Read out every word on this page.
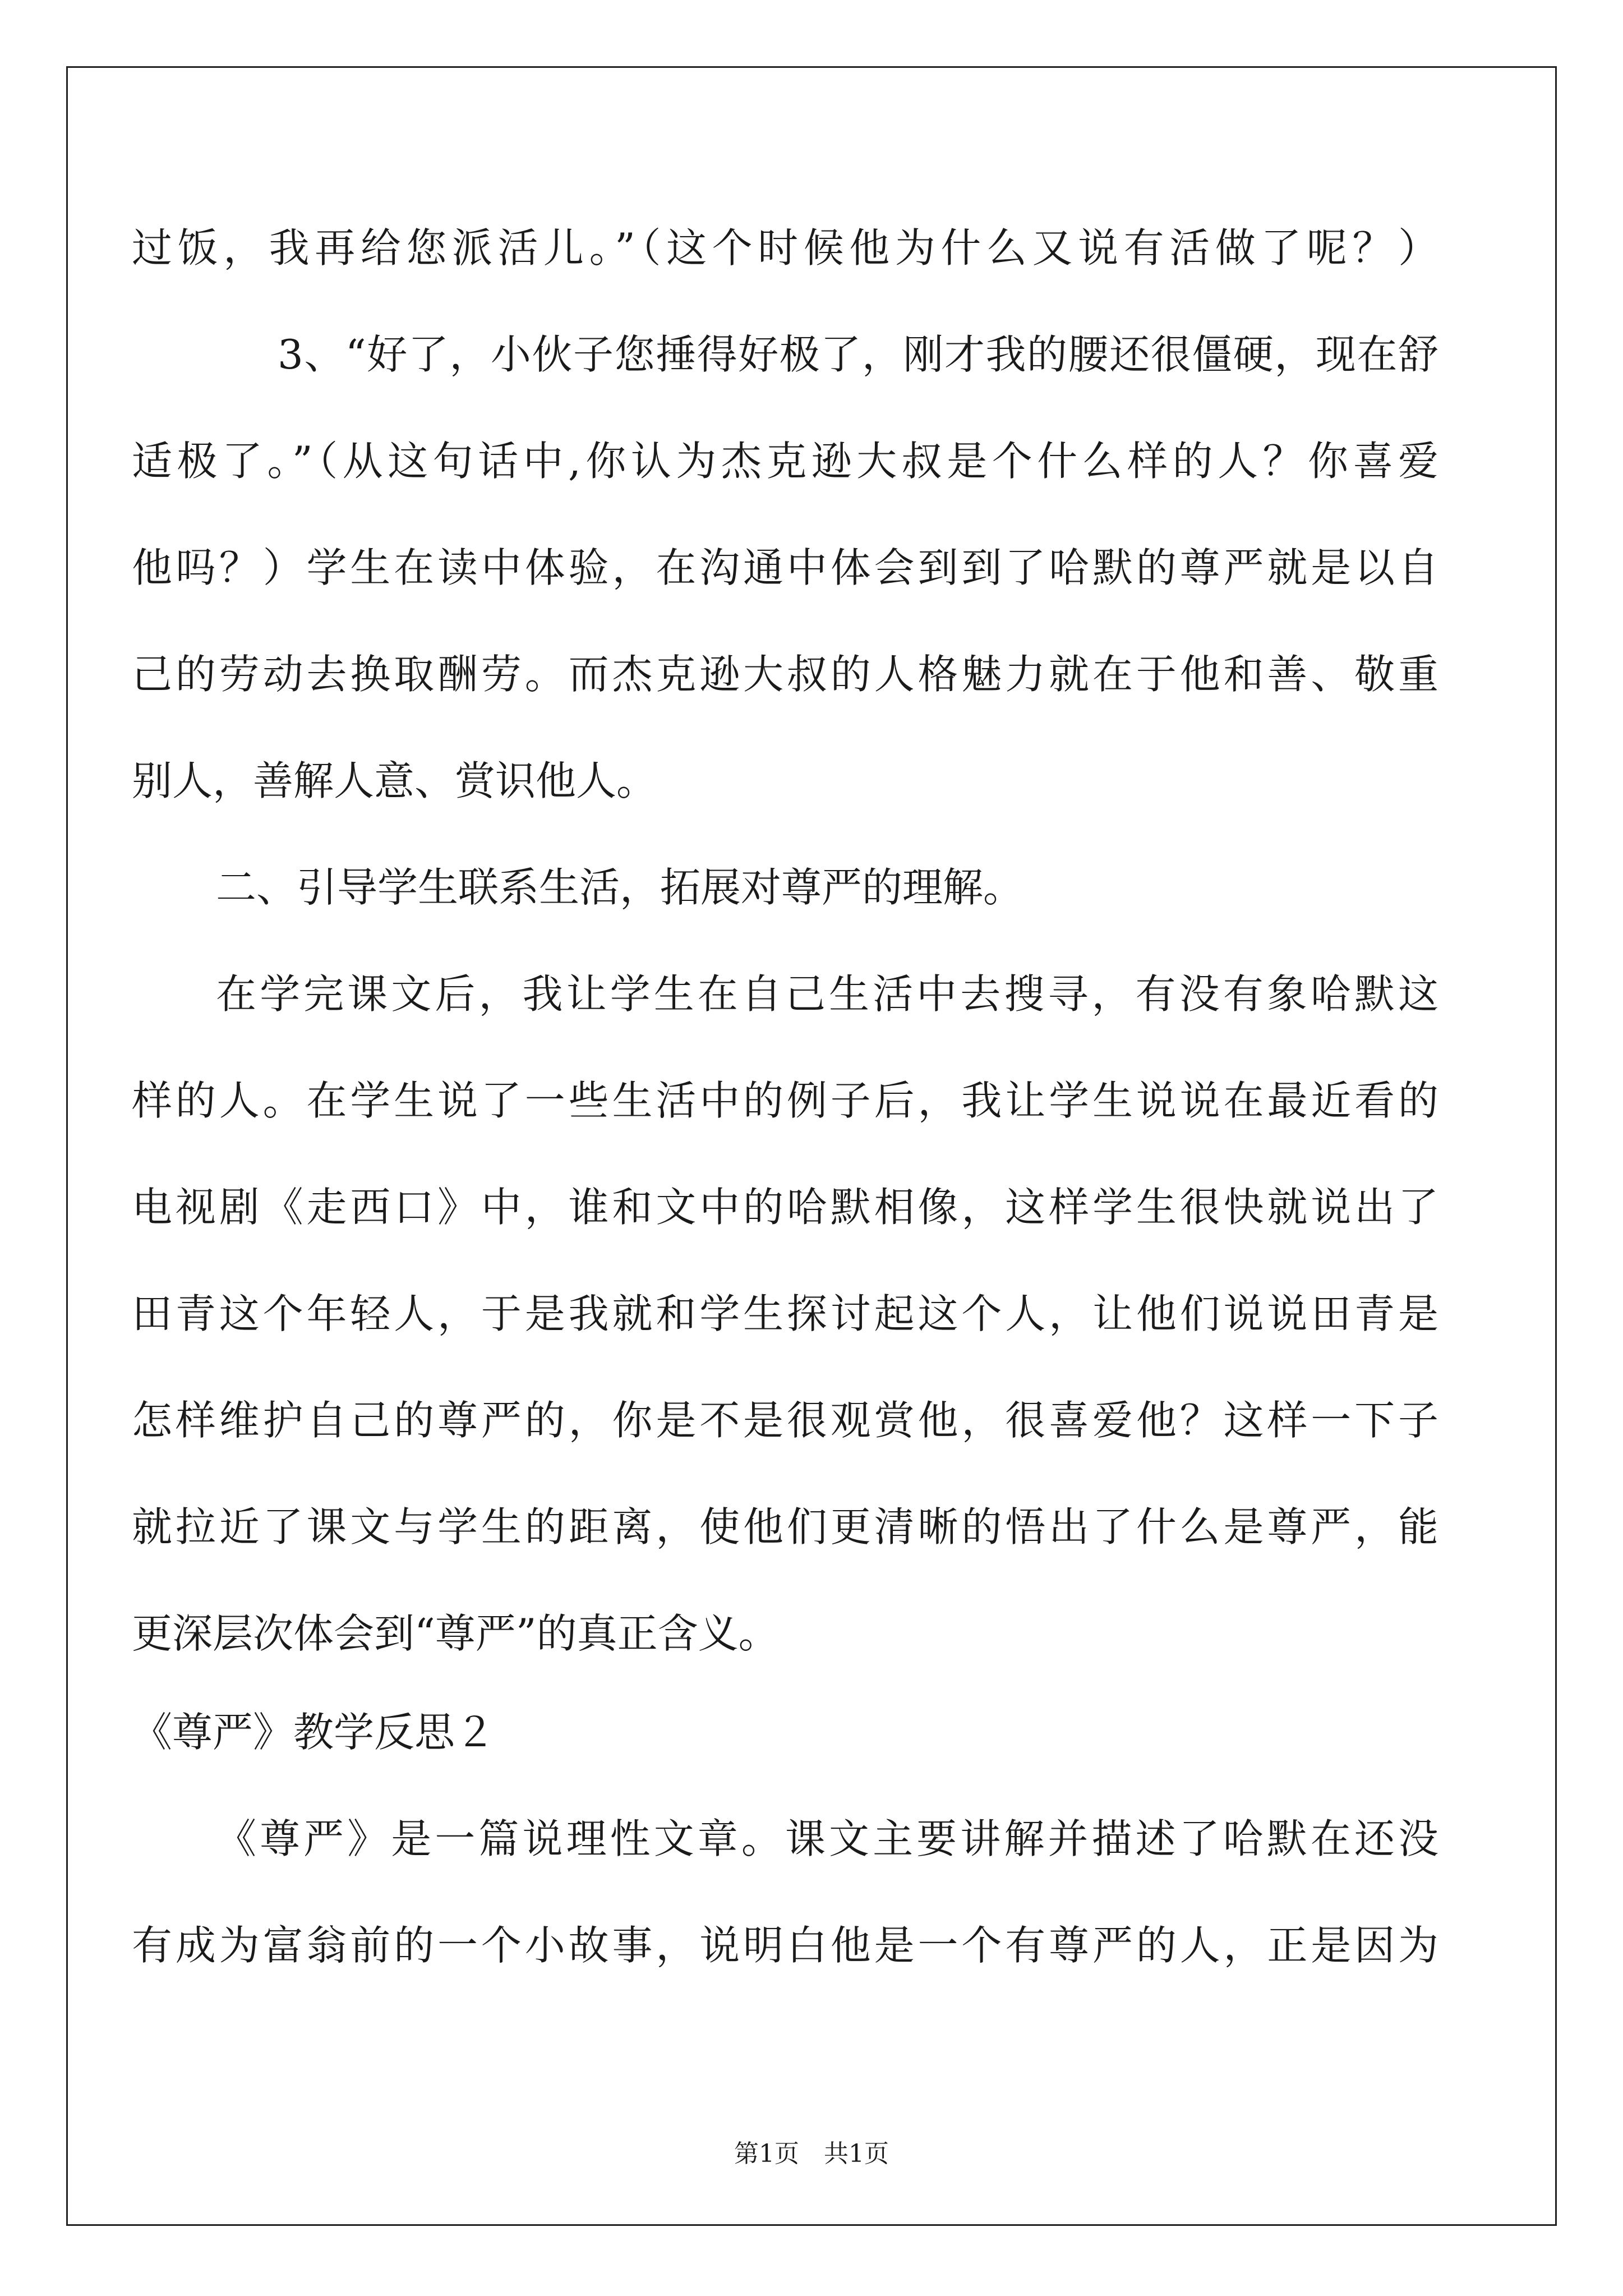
过饭，我再给您派活儿。”（这个时候他为什么又说有活做了呢？）
3、“好了，小伙子您捶得好极了，刚才我的腰还很僵硬，现在舒
适极了。”（从这句话中,你认为杰克逊大叔是个什么样的人？你喜爱
他吗？）学生在读中体验，在沟通中体会到到了哈默的尊严就是以自
己的劳动去换取酬劳。而杰克逊大叔的人格魅力就在于他和善、敬重
别人，善解人意、赏识他人。
二、引导学生联系生活，拓展对尊严的理解。
在学完课文后，我让学生在自己生活中去搜寻，有没有象哈默这
样的人。在学生说了一些生活中的例子后，我让学生说说在最近看的
电视剧《走西口》中，谁和文中的哈默相像，这样学生很快就说出了
田青这个年轻人，于是我就和学生探讨起这个人，让他们说说田青是
怎样维护自己的尊严的，你是不是很观赏他，很喜爱他？这样一下子
就拉近了课文与学生的距离，使他们更清晰的悟出了什么是尊严，能
更深层次体会到“尊严”的真正含义。
《尊严》教学反思２
《尊严》是一篇说理性文章。课文主要讲解并描述了哈默在还没
有成为富翁前的一个小故事，说明白他是一个有尊严的人，正是因为
第1页　共1页
